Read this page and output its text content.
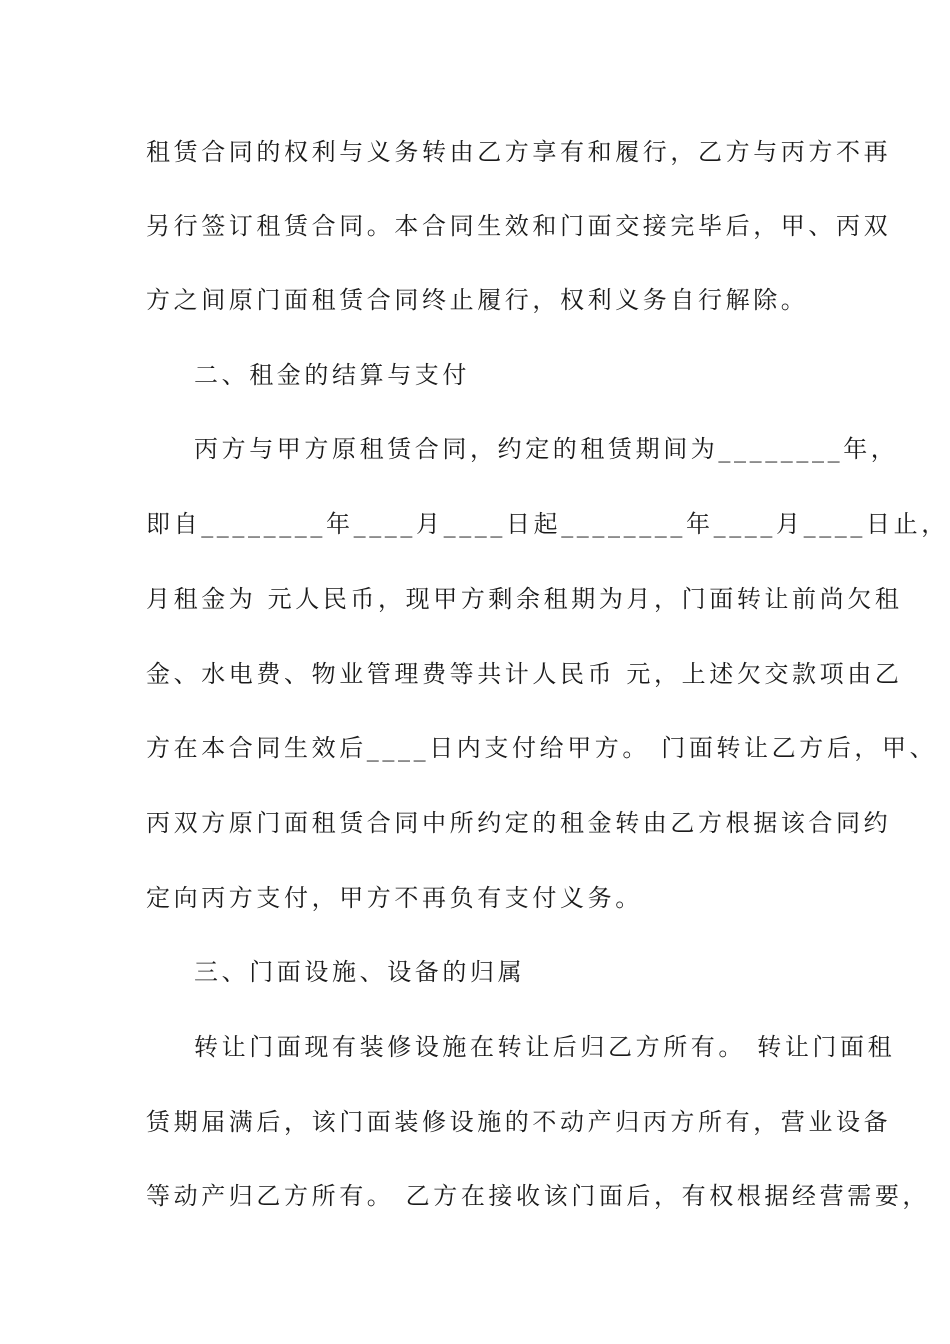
租赁合同的权利与义务转由乙方享有和履行，乙方与丙方不再
另行签订租赁合同。本合同生效和门面交接完毕后，甲、丙双
方之间原门面租赁合同终止履行，权利义务自行解除。
二、租金的结算与支付
丙方与甲方原租赁合同，约定的租赁期间为________年，
即自________年____月____日起________年____月____日止，
月租金为 元人民币，现甲方剩余租期为月，门面转让前尚欠租
金、水电费、物业管理费等共计人民币 元，上述欠交款项由乙
方在本合同生效后____日内支付给甲方。 门面转让乙方后，甲、
丙双方原门面租赁合同中所约定的租金转由乙方根据该合同约
定向丙方支付，甲方不再负有支付义务。
三、门面设施、设备的归属
转让门面现有装修设施在转让后归乙方所有。 转让门面租
赁期届满后，该门面装修设施的不动产归丙方所有，营业设备
等动产归乙方所有。 乙方在接收该门面后，有权根据经营需要，
